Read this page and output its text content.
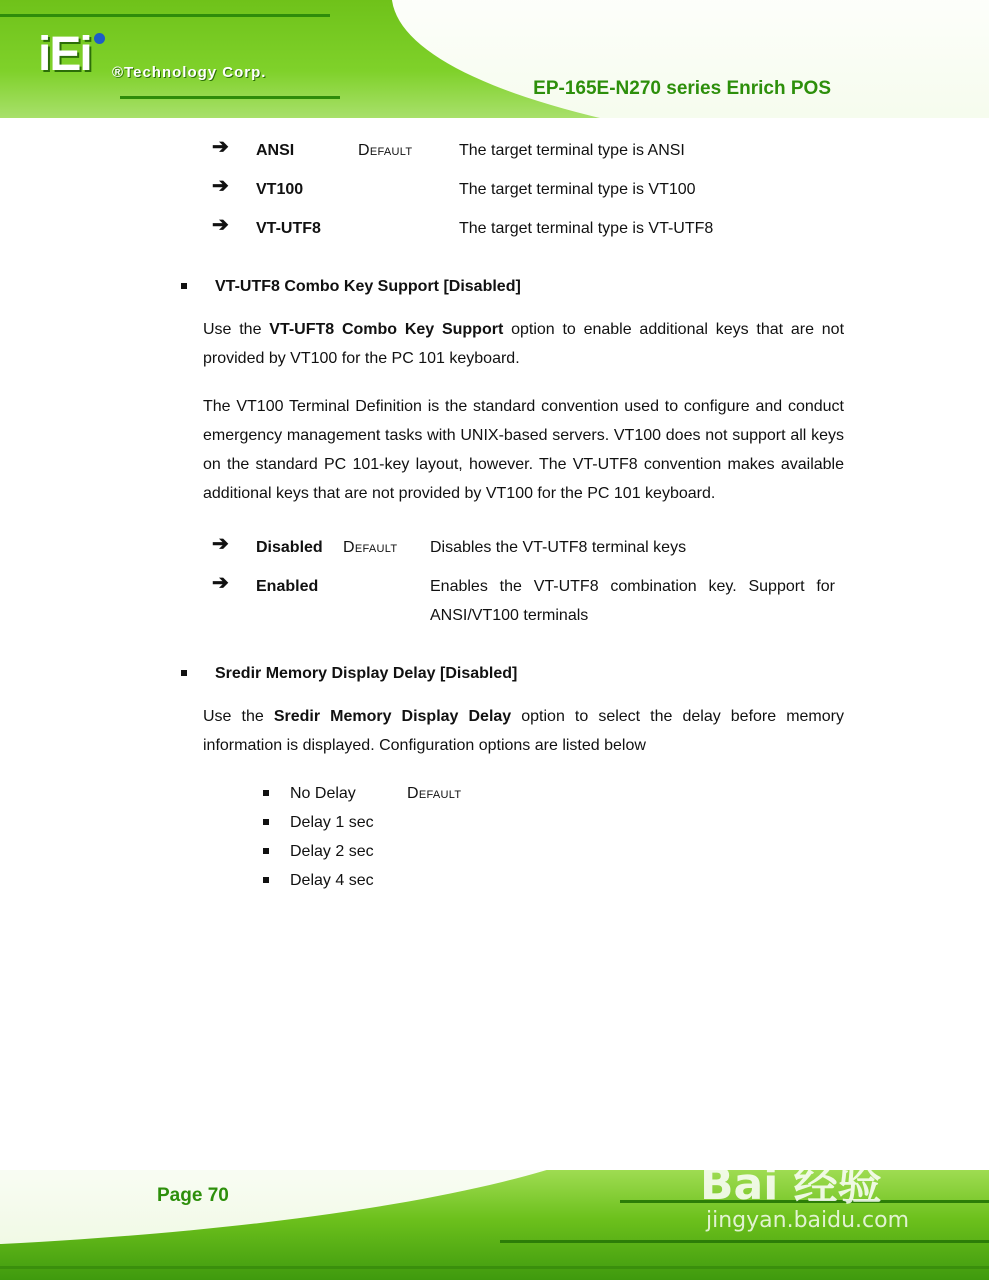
iEi ®Technology Corp.
EP-165E-N270 series Enrich POS
➔ ANSI	Default	The target terminal type is ANSI
➔ VT100	The target terminal type is VT100
➔ VT-UTF8	The target terminal type is VT-UTF8
VT-UTF8 Combo Key Support [Disabled]
Use the VT-UFT8 Combo Key Support option to enable additional keys that are not provided by VT100 for the PC 101 keyboard.
The VT100 Terminal Definition is the standard convention used to configure and conduct emergency management tasks with UNIX-based servers. VT100 does not support all keys on the standard PC 101-key layout, however. The VT-UTF8 convention makes available additional keys that are not provided by VT100 for the PC 101 keyboard.
➔ Disabled Default Disables the VT-UTF8 terminal keys
➔ Enabled	Enables the VT-UTF8 combination key. Support for ANSI/VT100 terminals
Sredir Memory Display Delay [Disabled]
Use the Sredir Memory Display Delay option to select the delay before memory information is displayed. Configuration options are listed below
No Delay	Default
Delay 1 sec
Delay 2 sec
Delay 4 sec
Page 70	Bai 经验
jingyan.baidu.com
